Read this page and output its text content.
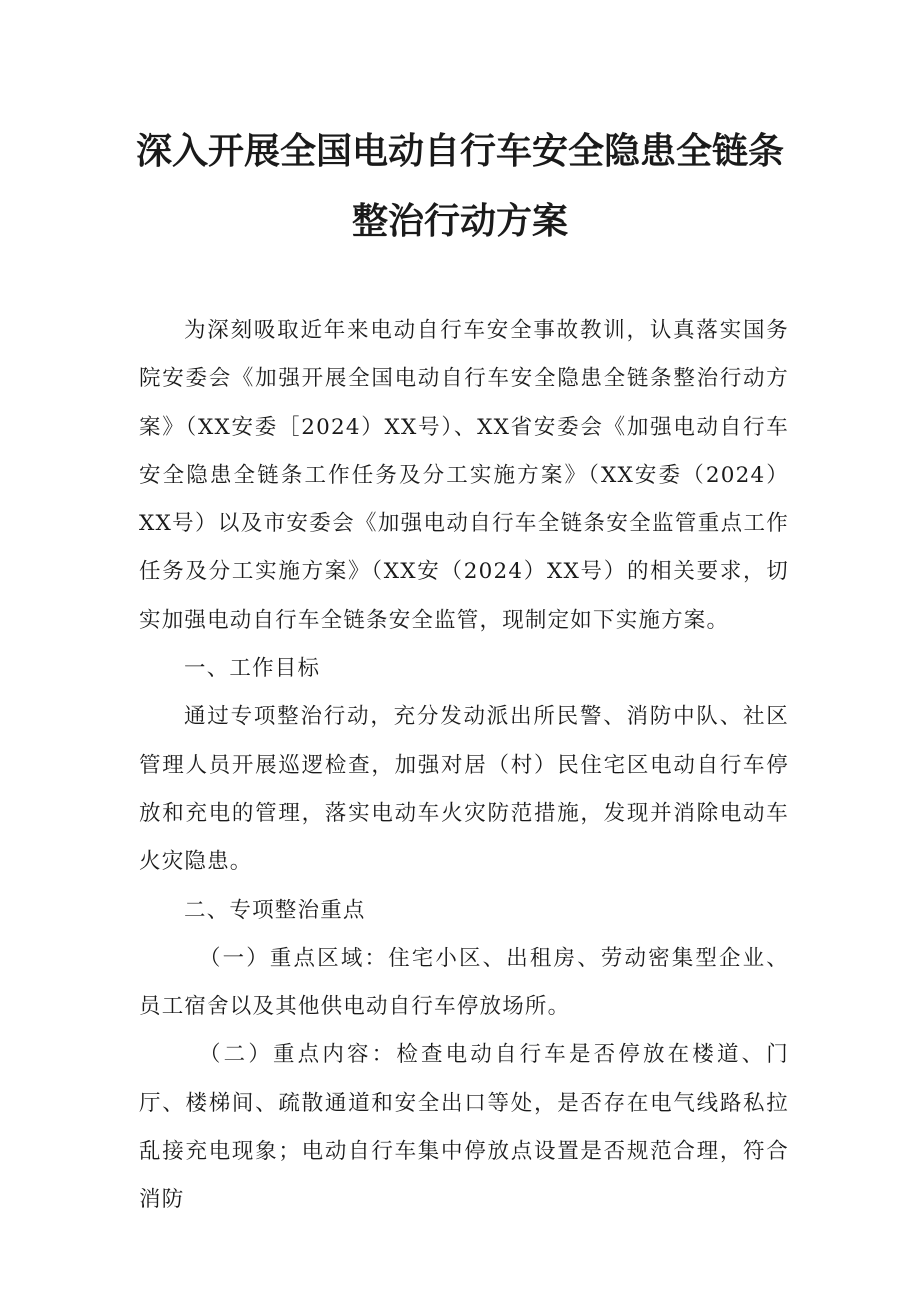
深入开展全国电动自行车安全隐患全链条
整治行动方案

为深刻吸取近年来电动自行车安全事故教训，认真落实国务院安委会《加强开展全国电动自行车安全隐患全链条整治行动方案》（XX安委［2024）XX号）、XX省安委会《加强电动自行车安全隐患全链条工作任务及分工实施方案》（XX安委（2024）XX号）以及市安委会《加强电动自行车全链条安全监管重点工作任务及分工实施方案》（XX安（2024）XX号）的相关要求，切实加强电动自行车全链条安全监管，现制定如下实施方案。

一、工作目标

通过专项整治行动，充分发动派出所民警、消防中队、社区管理人员开展巡逻检查，加强对居（村）民住宅区电动自行车停放和充电的管理，落实电动车火灾防范措施，发现并消除电动车火灾隐患。

二、专项整治重点

（一）重点区域：住宅小区、出租房、劳动密集型企业、员工宿舍以及其他供电动自行车停放场所。

（二）重点内容：检查电动自行车是否停放在楼道、门厅、楼梯间、疏散通道和安全出口等处，是否存在电气线路私拉乱接充电现象；电动自行车集中停放点设置是否规范合理，符合消防
